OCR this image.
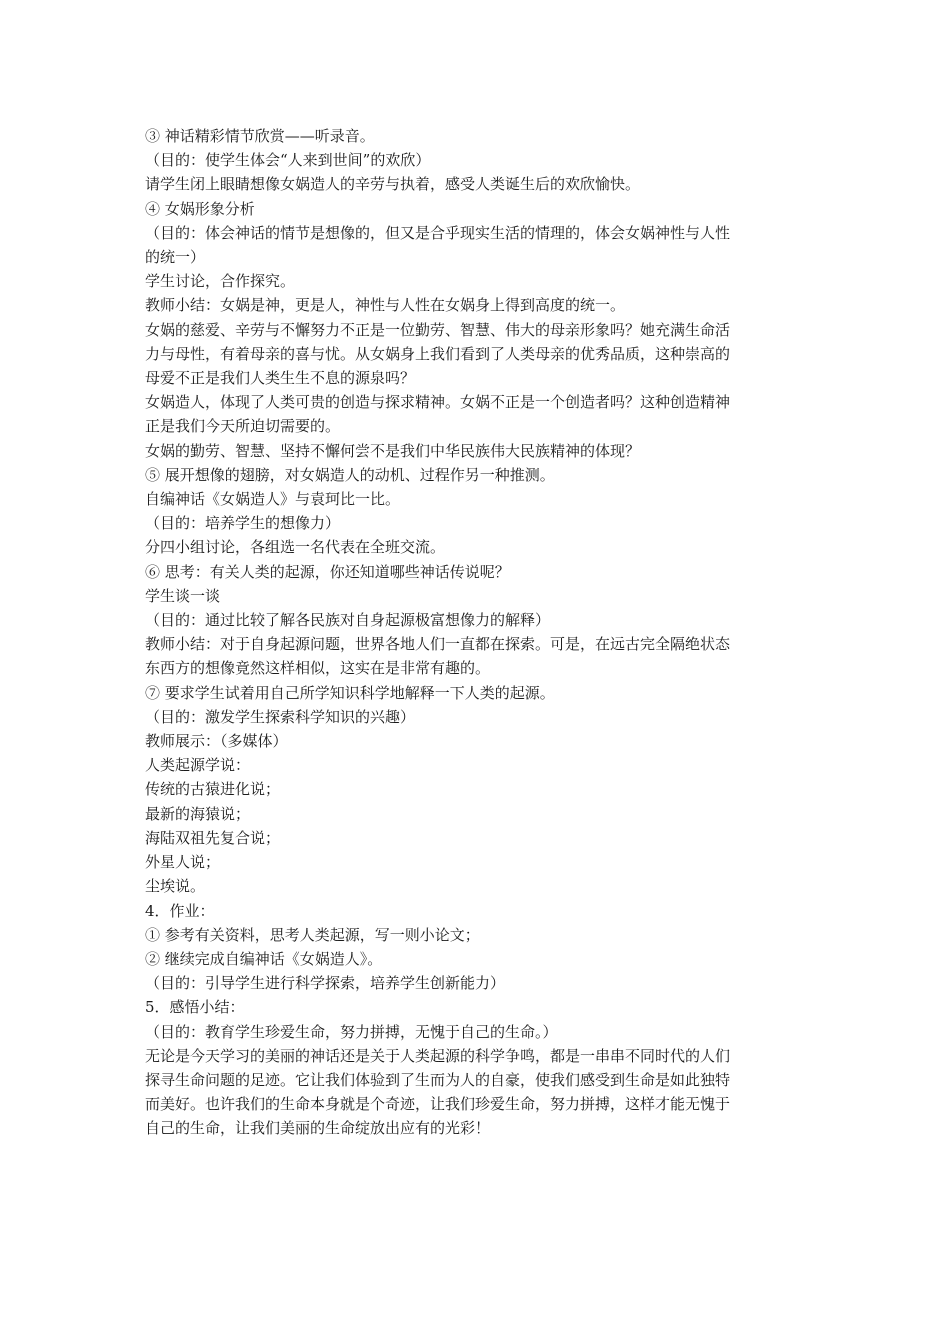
③ 神话精彩情节欣赏——听录音。
（目的：使学生体会“人来到世间”的欢欣）
请学生闭上眼睛想像女娲造人的辛劳与执着，感受人类诞生后的欢欣愉快。
④ 女娲形象分析
（目的：体会神话的情节是想像的，但又是合乎现实生活的情理的，体会女娲神性与人性
的统一）
学生讨论，合作探究。
教师小结：女娲是神，更是人，神性与人性在女娲身上得到高度的统一。
女娲的慈爱、辛劳与不懈努力不正是一位勤劳、智慧、伟大的母亲形象吗？她充满生命活
力与母性，有着母亲的喜与忧。从女娲身上我们看到了人类母亲的优秀品质，这种崇高的
母爱不正是我们人类生生不息的源泉吗？
女娲造人，体现了人类可贵的创造与探求精神。女娲不正是一个创造者吗？这种创造精神
正是我们今天所迫切需要的。
女娲的勤劳、智慧、坚持不懈何尝不是我们中华民族伟大民族精神的体现？
⑤ 展开想像的翅膀，对女娲造人的动机、过程作另一种推测。
自编神话《女娲造人》与袁珂比一比。
（目的：培养学生的想像力）
分四小组讨论，各组选一名代表在全班交流。
⑥ 思考：有关人类的起源，你还知道哪些神话传说呢？
学生谈一谈
（目的：通过比较了解各民族对自身起源极富想像力的解释）
教师小结：对于自身起源问题，世界各地人们一直都在探索。可是，在远古完全隔绝状态
东西方的想像竟然这样相似，这实在是非常有趣的。
⑦ 要求学生试着用自己所学知识科学地解释一下人类的起源。
（目的：激发学生探索科学知识的兴趣）
教师展示：（多媒体）
人类起源学说：
传统的古猿进化说；
最新的海猿说；
海陆双祖先复合说；
外星人说；
尘埃说。
4．作业：
① 参考有关资料，思考人类起源，写一则小论文；
② 继续完成自编神话《女娲造人》。
（目的：引导学生进行科学探索，培养学生创新能力）
5．感悟小结：
（目的：教育学生珍爱生命，努力拼搏，无愧于自己的生命。）
无论是今天学习的美丽的神话还是关于人类起源的科学争鸣，都是一串串不同时代的人们
探寻生命问题的足迹。它让我们体验到了生而为人的自豪，使我们感受到生命是如此独特
而美好。也许我们的生命本身就是个奇迹，让我们珍爱生命，努力拼搏，这样才能无愧于
自己的生命，让我们美丽的生命绽放出应有的光彩！
